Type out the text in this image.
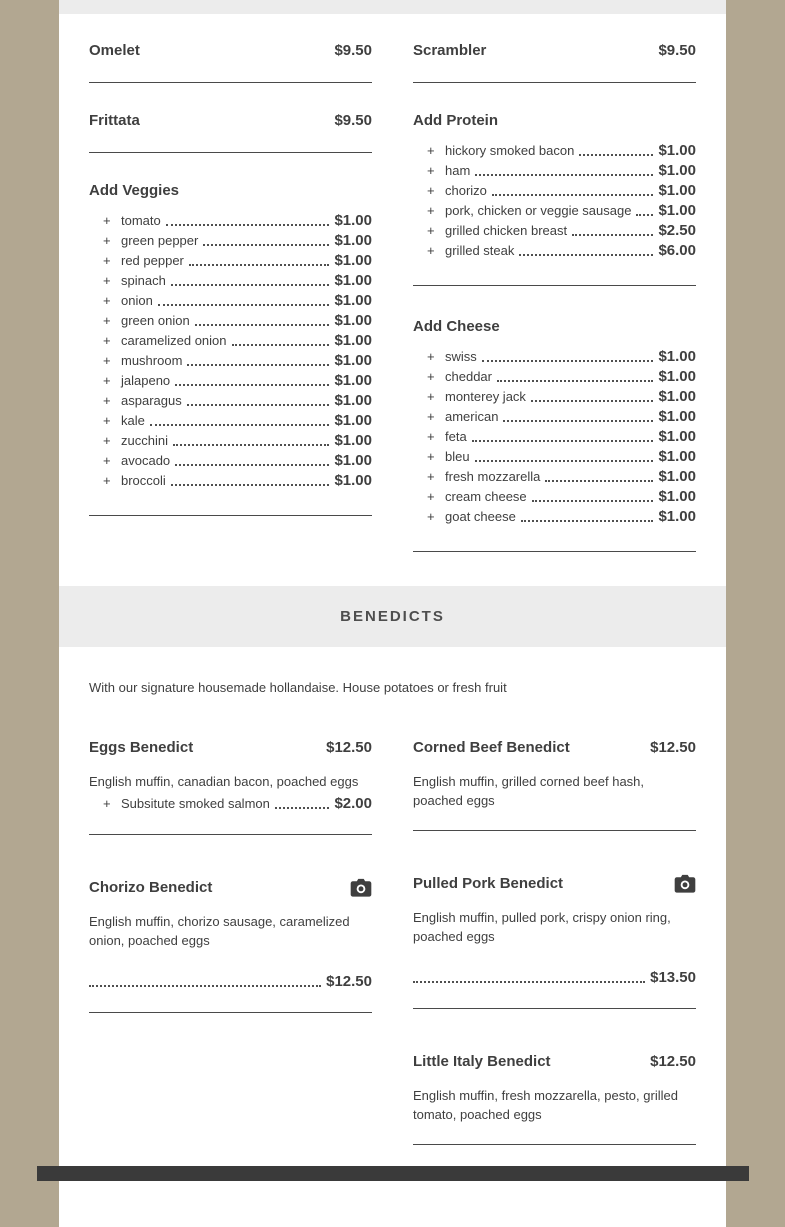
Omelet	$9.50
Frittata	$9.50
Add Veggies
+ tomato	$1.00
+ green pepper	$1.00
+ red pepper	$1.00
+ spinach	$1.00
+ onion	$1.00
+ green onion	$1.00
+ caramelized onion	$1.00
+ mushroom	$1.00
+ jalapeno	$1.00
+ asparagus	$1.00
+ kale	$1.00
+ zucchini	$1.00
+ avocado	$1.00
+ broccoli	$1.00
Scrambler	$9.50
Add Protein
+ hickory smoked bacon	$1.00
+ ham	$1.00
+ chorizo	$1.00
+ pork, chicken or veggie sausage $1.00
+ grilled chicken breast	$2.50
+ grilled steak	$6.00
Add Cheese
+ swiss	$1.00
+ cheddar	$1.00
+ monterey jack	$1.00
+ american	$1.00
+ feta	$1.00
+ bleu	$1.00
+ fresh mozzarella	$1.00
+ cream cheese	$1.00
+ goat cheese	$1.00
BENEDICTS

With our signature housemade hollandaise. House potatoes or fresh fruit

Eggs Benedict	$12.50

English muffin, canadian bacon, poached eggs

+ Subsitute smoked salmon	$2.00
Chorizo Benedict

English muffin, chorizo sausage, caramelized onion, poached eggs

$12.50
Corned Beef Benedict	$12.50

English muffin, grilled corned beef hash, poached eggs

Pulled Pork Benedict

English muffin, pulled pork, crispy onion ring, poached eggs

$13.50
Little Italy Benedict	$12.50

English muffin, fresh mozzarella, pesto, grilled tomato, poached eggs
